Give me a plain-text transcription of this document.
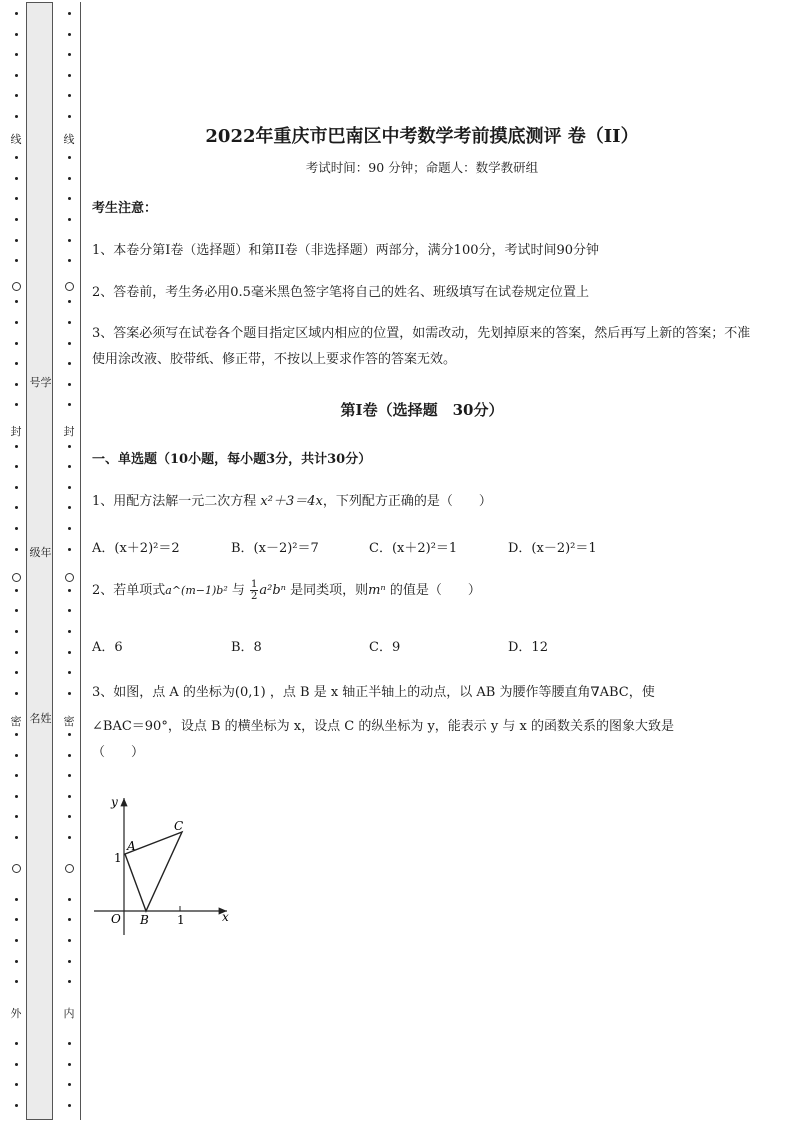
号学
级年
名姓
线
封
密
外
线
封
密
内
2022年重庆市巴南区中考数学考前摸底测评 卷（II）
考试时间：90 分钟；命题人：数学教研组
考生注意：
1、本卷分第I卷（选择题）和第II卷（非选择题）两部分，满分100分，考试时间90分钟
2、答卷前，考生务必用0.5毫米黑色签字笔将自己的姓名、班级填写在试卷规定位置上
3、答案必须写在试卷各个题目指定区域内相应的位置，如需改动，先划掉原来的答案，然后再写上新的答案；不准使用涂改液、胶带纸、修正带，不按以上要求作答的答案无效。
第I卷（选择题　30分）
一、单选题（10小题，每小题3分，共计30分）
1、用配方法解一元二次方程 x²＋3＝4x，下列配方正确的是（　　）
A．(x＋2)²＝2	B．(x－2)²＝7	C．(x＋2)²＝1	D．(x－2)²＝1
2、若单项式a^(m−1)b² 与 $\frac{1}{2} a^2b^n$ 是同类项，则mⁿ 的值是（　　）
A．6	B．8	C．9	D．12
3、如图，点 A 的坐标为(0,1) ，点 B 是 x 轴正半轴上的动点，以 AB 为腰作等腰直角∇ABC，使
∠BAC＝90°，设点 B 的横坐标为 x，设点 C 的纵坐标为 y，能表示 y 与 x 的函数关系的图象大致是
（　　）
y
x
O
A
B
C
1
1
